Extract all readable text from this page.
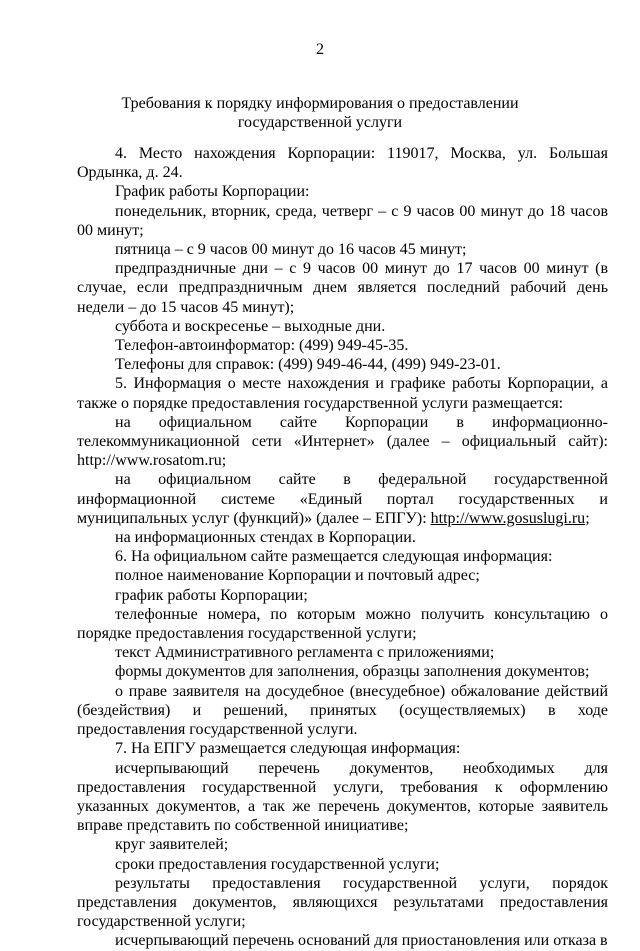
2
Требования к порядку информирования о предоставлении
государственной услуги

4. Место нахождения Корпорации: 119017, Москва, ул. Большая Ордынка, д. 24.

График работы Корпорации:

понедельник, вторник, среда, четверг – с 9 часов 00 минут до 18 часов 00 минут;

пятница – с 9 часов 00 минут до 16 часов 45 минут;

предпраздничные дни – с 9 часов 00 минут до 17 часов 00 минут (в случае, если предпраздничным днем является последний рабочий день недели – до 15 часов 45 минут);

суббота и воскресенье – выходные дни.

Телефон-автоинформатор: (499) 949-45-35.

Телефоны для справок: (499) 949-46-44, (499) 949-23-01.

5. Информация о месте нахождения и графике работы Корпорации, а также о порядке предоставления государственной услуги размещается:

на официальном сайте Корпорации в информационно-телекоммуникационной сети «Интернет» (далее – официальный сайт): http://www.rosatom.ru;

на официальном сайте в федеральной государственной информационной системе «Единый портал государственных и муниципальных услуг (функций)» (далее – ЕПГУ): http://www.gosuslugi.ru;

на информационных стендах в Корпорации.

6. На официальном сайте размещается следующая информация:

полное наименование Корпорации и почтовый адрес;

график работы Корпорации;

телефонные номера, по которым можно получить консультацию о порядке предоставления государственной услуги;

текст Административного регламента с приложениями;

формы документов для заполнения, образцы заполнения документов;

о праве заявителя на досудебное (внесудебное) обжалование действий (бездействия) и решений, принятых (осуществляемых) в ходе предоставления государственной услуги.

7. На ЕПГУ размещается следующая информация:

исчерпывающий перечень документов, необходимых для предоставления государственной услуги, требования к оформлению указанных документов, а так же перечень документов, которые заявитель вправе представить по собственной инициативе;

круг заявителей;

сроки предоставления государственной услуги;

результаты предоставления государственной услуги, порядок представления документов, являющихся результатами предоставления государственной услуги;

исчерпывающий перечень оснований для приостановления или отказа в
